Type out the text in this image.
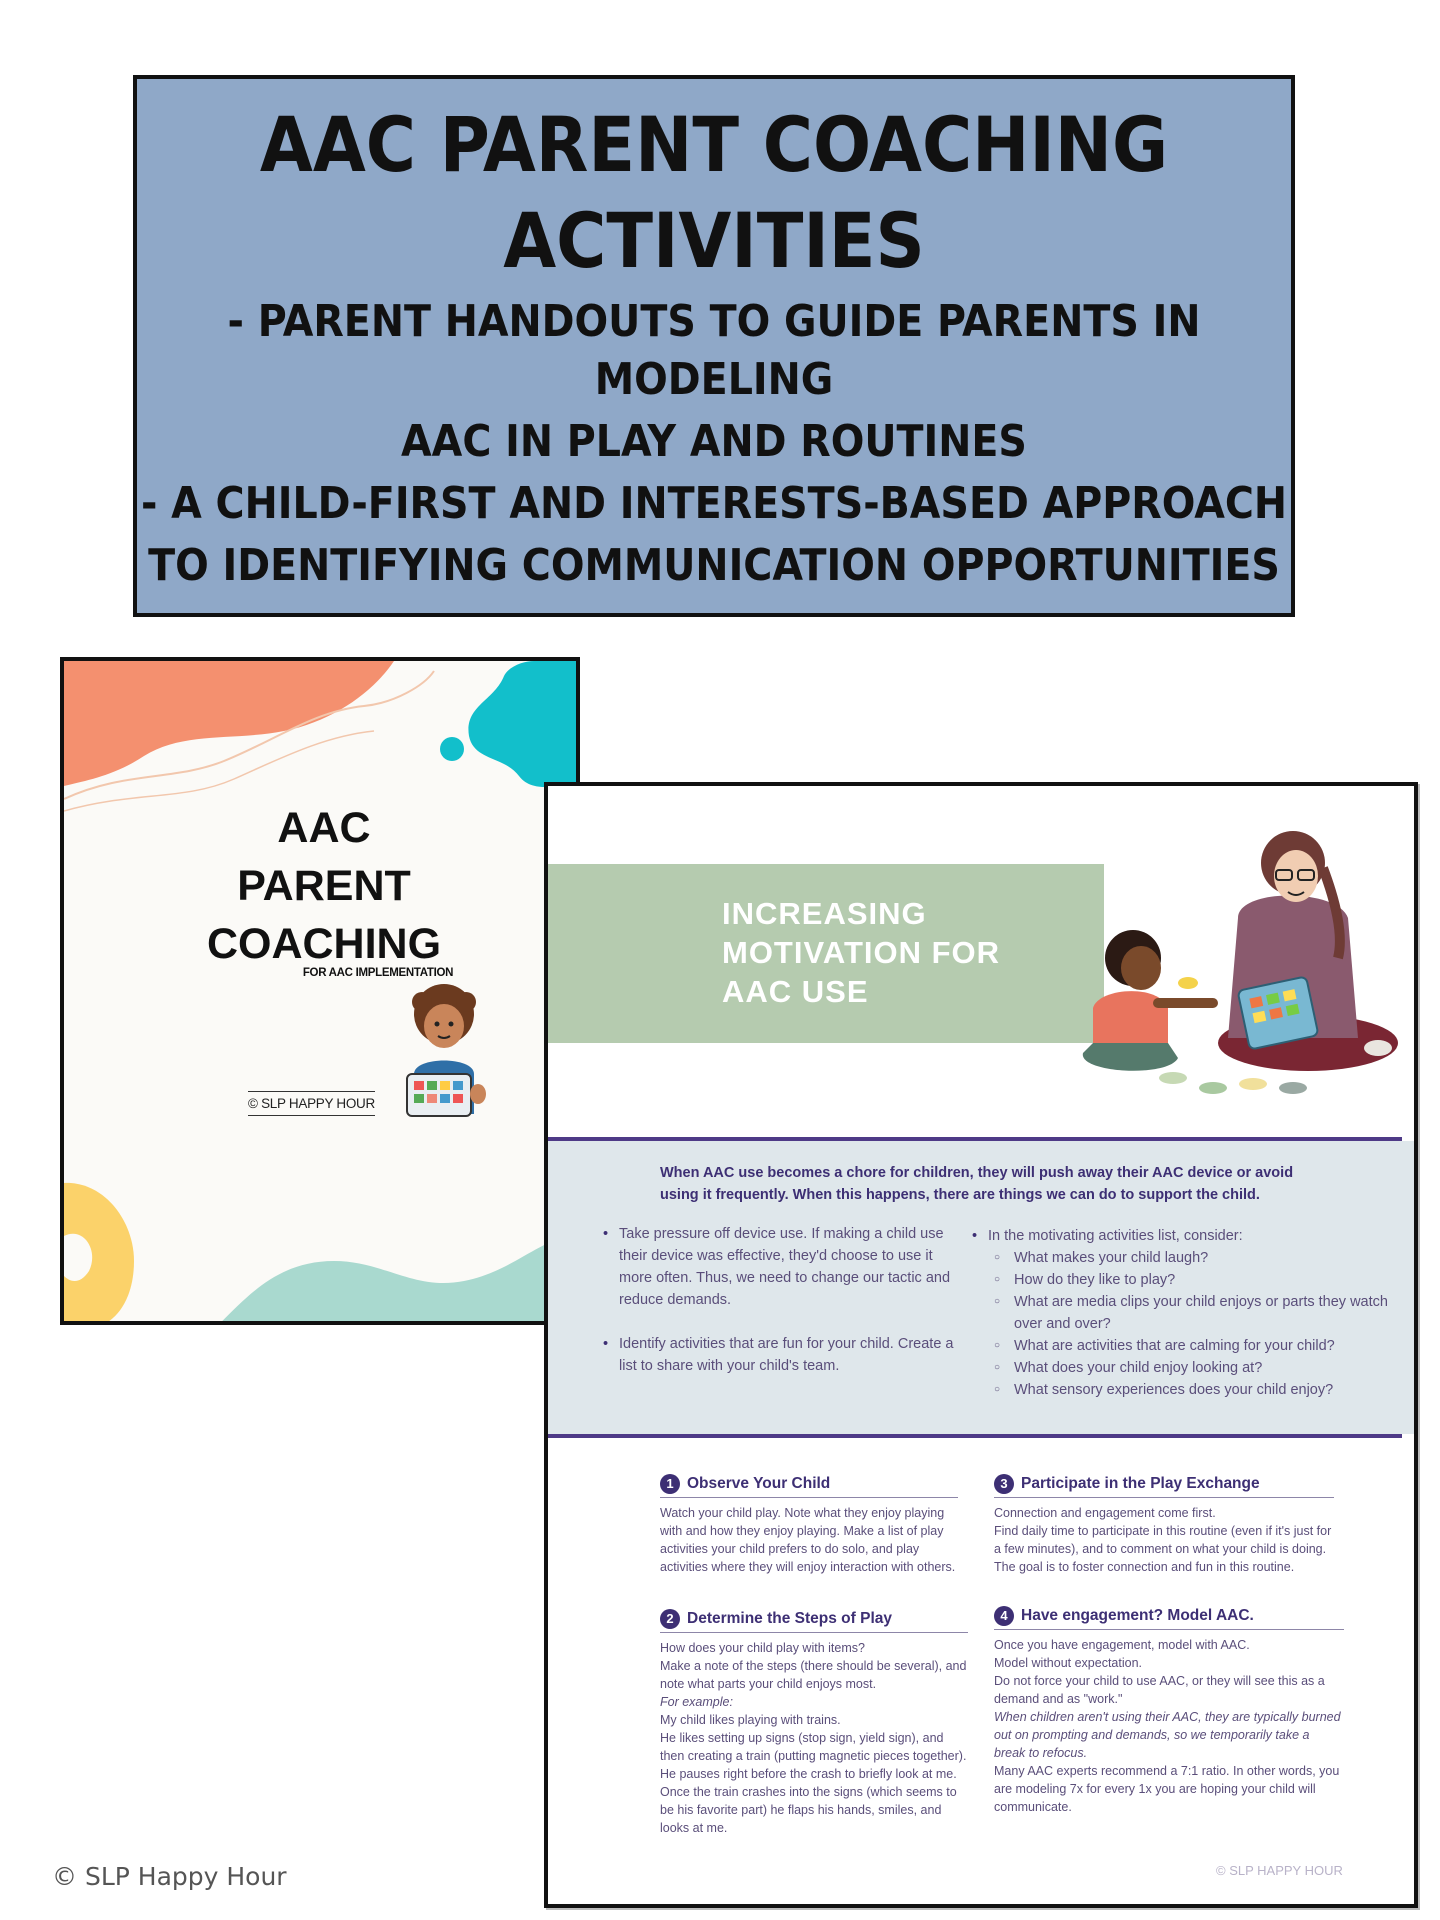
AAC PARENT COACHING
ACTIVITIES
- PARENT HANDOUTS TO GUIDE PARENTS IN MODELING
AAC IN PLAY AND ROUTINES
- A CHILD-FIRST AND INTERESTS-BASED APPROACH
TO IDENTIFYING COMMUNICATION OPPORTUNITIES
AAC
PARENT
COACHING
FOR AAC IMPLEMENTATION
© SLP HAPPY HOUR
INCREASING
MOTIVATION FOR
AAC USE
When AAC use becomes a chore for children, they will push away their AAC device or avoid using it frequently. When this happens, there are things we can do to support the child.
• Take pressure off device use. If making a child use their device was effective, they'd choose to use it more often. Thus, we need to change our tactic and reduce demands.
• Identify activities that are fun for your child. Create a list to share with your child's team.
• In the motivating activities list, consider:
○ What makes your child laugh?
○ How do they like to play?
○ What are media clips your child enjoys or parts they watch over and over?
○ What are activities that are calming for your child?
○ What does your child enjoy looking at?
○ What sensory experiences does your child enjoy?
1 Observe Your Child

Watch your child play. Note what they enjoy playing with and how they enjoy playing. Make a list of play activities your child prefers to do solo, and play activities where they will enjoy interaction with others.

2 Determine the Steps of Play

How does your child play with items?

Make a note of the steps (there should be several), and note what parts your child enjoys most.

For example:

My child likes playing with trains.

He likes setting up signs (stop sign, yield sign), and then creating a train (putting magnetic pieces together). He pauses right before the crash to briefly look at me. Once the train crashes into the signs (which seems to be his favorite part) he flaps his hands, smiles, and looks at me.

3 Participate in the Play Exchange

Connection and engagement come first.

Find daily time to participate in this routine (even if it's just for a few minutes), and to comment on what your child is doing. The goal is to foster connection and fun in this routine.

4 Have engagement? Model AAC.

Once you have engagement, model with AAC.

Model without expectation.

Do not force your child to use AAC, or they will see this as a demand and as "work."

When children aren't using their AAC, they are typically burned out on prompting and demands, so we temporarily take a break to refocus.

Many AAC experts recommend a 7:1 ratio. In other words, you are modeling 7x for every 1x you are hoping your child will communicate.

© SLP HAPPY HOUR
© SLP Happy Hour
